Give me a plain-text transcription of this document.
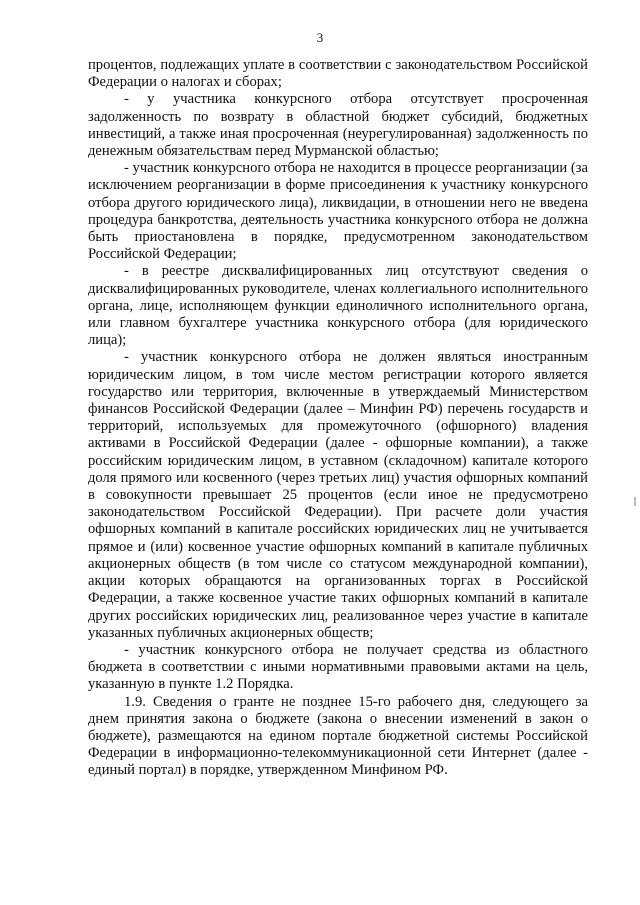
3

процентов, подлежащих уплате в соответствии с законодательством Российской Федерации о налогах и сборах;

- у участника конкурсного отбора отсутствует просроченная задолженность по возврату в областной бюджет субсидий, бюджетных инвестиций, а также иная просроченная (неурегулированная) задолженность по денежным обязательствам перед Мурманской областью;

- участник конкурсного отбора не находится в процессе реорганизации (за исключением реорганизации в форме присоединения к участнику конкурсного отбора другого юридического лица), ликвидации, в отношении него не введена процедура банкротства, деятельность участника конкурсного отбора не должна быть приостановлена в порядке, предусмотренном законодательством Российской Федерации;

- в реестре дисквалифицированных лиц отсутствуют сведения о дисквалифицированных руководителе, членах коллегиального исполнительного органа, лице, исполняющем функции единоличного исполнительного органа, или главном бухгалтере участника конкурсного отбора (для юридического лица);

- участник конкурсного отбора не должен являться иностранным юридическим лицом, в том числе местом регистрации которого является государство или территория, включенные в утверждаемый Министерством финансов Российской Федерации (далее – Минфин РФ) перечень государств и территорий, используемых для промежуточного (офшорного) владения активами в Российской Федерации (далее - офшорные компании), а также российским юридическим лицом, в уставном (складочном) капитале которого доля прямого или косвенного (через третьих лиц) участия офшорных компаний в совокупности превышает 25 процентов (если иное не предусмотрено законодательством Российской Федерации). При расчете доли участия офшорных компаний в капитале российских юридических лиц не учитывается прямое и (или) косвенное участие офшорных компаний в капитале публичных акционерных обществ (в том числе со статусом международной компании), акции которых обращаются на организованных торгах в Российской Федерации, а также косвенное участие таких офшорных компаний в капитале других российских юридических лиц, реализованное через участие в капитале указанных публичных акционерных обществ;

- участник конкурсного отбора не получает средства из областного бюджета в соответствии с иными нормативными правовыми актами на цель, указанную в пункте 1.2 Порядка.

1.9. Сведения о гранте не позднее 15-го рабочего дня, следующего за днем принятия закона о бюджете (закона о внесении изменений в закон о бюджете), размещаются на едином портале бюджетной системы Российской Федерации в информационно-телекоммуникационной сети Интернет (далее - единый портал) в порядке, утвержденном Минфином РФ.
